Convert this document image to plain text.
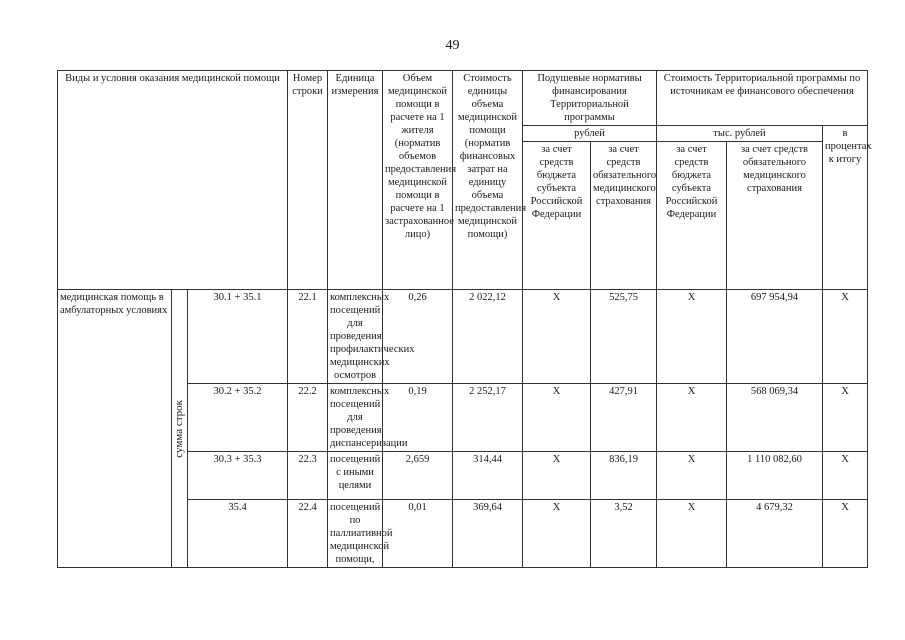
49
Виды и условия оказания медицинской помощи			Номер строки	Единица измерения	Объем медицинской помощи в расчете на 1 жителя (норматив объемов предоставления медицинской помощи в расчете на 1 застрахованное лицо)	Стоимость единицы объема медицинской помощи (норматив финансовых затрат на единицу объема предоставления медицинской помощи)	Подушевые нормативы финансирования Территориальной программы		Стоимость Территориальной программы по источникам ее финансового обеспечения		
							рублей		тыс. рублей		в процентах к итогу
							за счет средств бюджета субъекта Российской Федерации	за счет средств обязательного медицинского страхования	за счет средств бюджета субъекта Российской Федерации	за счет средств обязательного медицинского страхования	
медицинская помощь в амбулаторных условиях	сумма строк	30.1 + 35.1	22.1	комплексных посещений для проведения профилактических медицинских осмотров	0,26	2 022,12	X	525,75	X	697 954,94	X
		30.2 + 35.2	22.2	комплексных посещений для проведения диспансеризации	0,19	2 252,17	X	427,91	X	568 069,34	X
		30.3 + 35.3	22.3	посещений с иными целями	2,659	314,44	X	836,19	X	1 110 082,60	X
		35.4	22.4	посещений по паллиативной медицинской помощи,	0,01	369,64	X	3,52	X	4 679,32	X
